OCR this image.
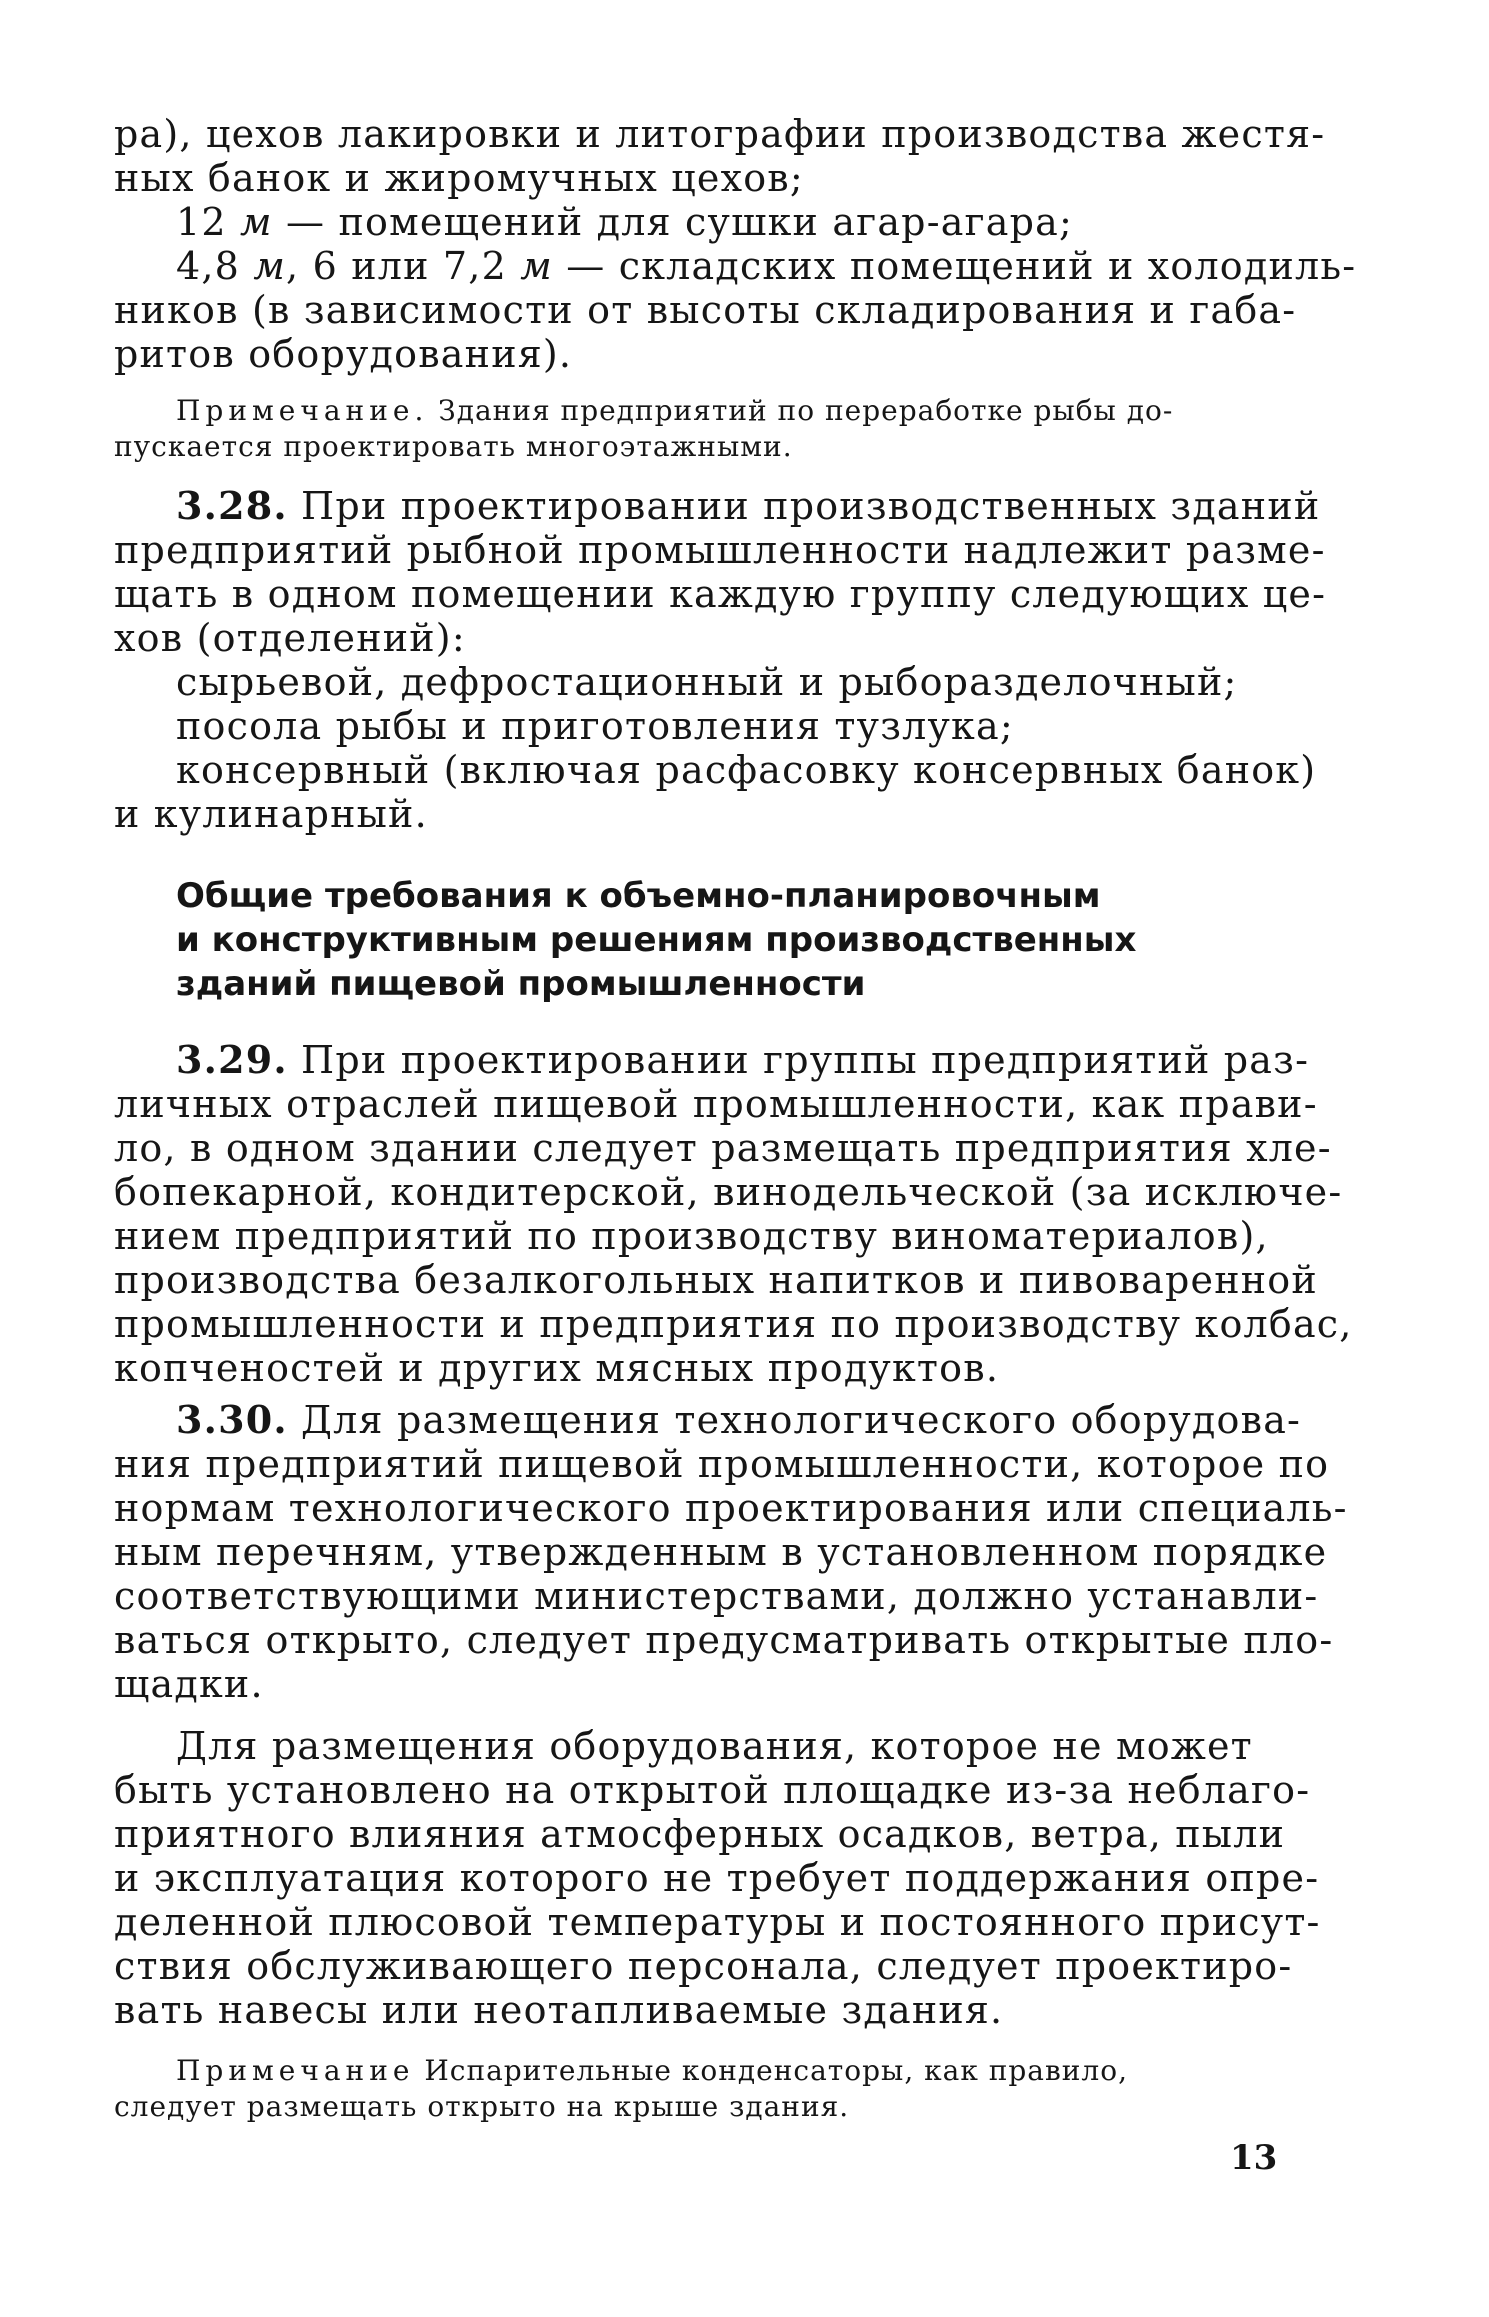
ра), цехов лакировки и литографии производства жестя-
ных банок и жиромучных цехов;
12 м — помещений для сушки агар-агара;
4,8 м, 6 или 7,2 м — складских помещений и холодиль-
ников (в зависимости от высоты складирования и габа-
ритов оборудования).
Примечание. Здания предприятий по переработке рыбы до-
пускается проектировать многоэтажными.
3.28. При проектировании производственных зданий
предприятий рыбной промышленности надлежит разме-
щать в одном помещении каждую группу следующих це-
хов (отделений):
сырьевой, дефростационный и рыборазделочный;
посола рыбы и приготовления тузлука;
консервный (включая расфасовку консервных банок)
и кулинарный.
Общие требования к объемно-планировочным
и конструктивным решениям производственных
зданий пищевой промышленности
3.29. При проектировании группы предприятий раз-
личных отраслей пищевой промышленности, как прави-
ло, в одном здании следует размещать предприятия хле-
бопекарной, кондитерской, винодельческой (за исключе-
нием предприятий по производству виноматериалов),
производства безалкогольных напитков и пивоваренной
промышленности и предприятия по производству колбас,
копченостей и других мясных продуктов.
3.30. Для размещения технологического оборудова-
ния предприятий пищевой промышленности, которое по
нормам технологического проектирования или специаль-
ным перечням, утвержденным в установленном порядке
соответствующими министерствами, должно устанавли-
ваться открыто, следует предусматривать открытые пло-
щадки.
Для размещения оборудования, которое не может
быть установлено на открытой площадке из-за неблаго-
приятного влияния атмосферных осадков, ветра, пыли
и эксплуатация которого не требует поддержания опре-
деленной плюсовой температуры и постоянного присут-
ствия обслуживающего персонала, следует проектиро-
вать навесы или неотапливаемые здания.
Примечание Испарительные конденсаторы, как правило,
следует размещать открыто на крыше здания.
13
